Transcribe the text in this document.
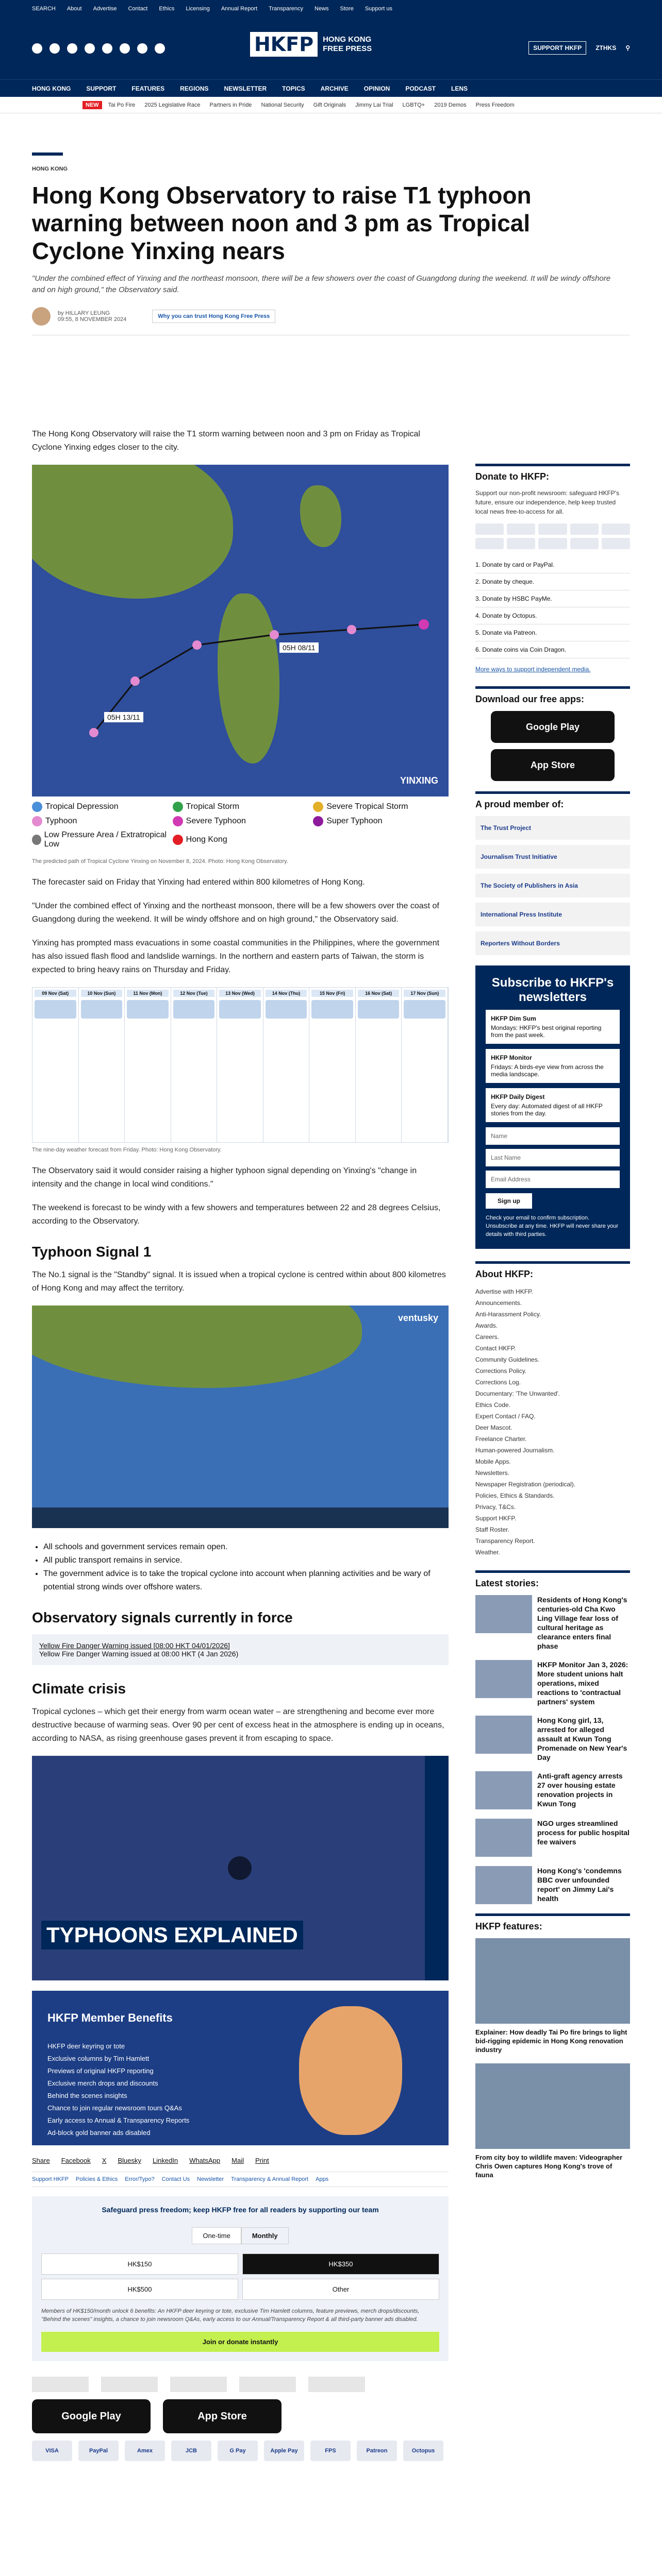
SEARCH About Advertise Contact Ethics Licensing Annual Report Transparency News Store Support us
HKFP	HONG KONG
FREE PRESS	SUPPORT HKFP	ZTHKS ⚲
HONG KONG	SUPPORT	FEATURES	REGIONS	NEWSLETTER	TOPICS	ARCHIVE	OPINION	PODCAST	LENS
NEW	Tai Po Fire 2025 Legislative Race Partners in Pride National Security Gift Originals Jimmy Lai Trial LGBTQ+ 2019 Demos Press Freedom
HONG KONG
Hong Kong Observatory to raise T1 typhoon warning between noon and 3 pm as Tropical Cyclone Yinxing nears
"Under the combined effect of Yinxing and the northeast monsoon, there will be a few showers over the coast of Guangdong during the weekend. It will be windy offshore and on high ground," the Observatory said.
by HILLARY LEUNG
09:55, 8 NOVEMBER 2024	Why you can trust Hong Kong Free Press

The Hong Kong Observatory will raise the T1 storm warning between noon and 3 pm on Friday as Tropical Cyclone Yinxing edges closer to the city.

05H 08/11
05H 13/11
YINXING
Tropical Depression	Tropical Storm	Severe Tropical Storm
Typhoon	Severe Typhoon	Super Typhoon
Low Pressure Area / Extratropical Low
Hong Kong
The predicted path of Tropical Cyclone Yinxing on November 8, 2024. Photo: Hong Kong Observatory.

The forecaster said on Friday that Yinxing had entered within 800 kilometres of Hong Kong.

"Under the combined effect of Yinxing and the northeast monsoon, there will be a few showers over the coast of Guangdong during the weekend. It will be windy offshore and on high ground," the Observatory said.

Yinxing has prompted mass evacuations in some coastal communities in the Philippines, where the government has also issued flash flood and landslide warnings. In the northern and eastern parts of Taiwan, the storm is expected to bring heavy rains on Thursday and Friday.

09 Nov (Sat)	10 Nov (Sun)	11 Nov (Mon)	12 Nov (Tue)	13 Nov (Wed)	14 Nov (Thu)	15 Nov (Fri)	16 Nov (Sat)	17 Nov (Sun)
The nine-day weather forecast from Friday. Photo: Hong Kong Observatory.

The Observatory said it would consider raising a higher typhoon signal depending on Yinxing's "change in intensity and the change in local wind conditions."

The weekend is forecast to be windy with a few showers and temperatures between 22 and 28 degrees Celsius, according to the Observatory.

Typhoon Signal 1

The No.1 signal is the "Standby" signal. It is issued when a tropical cyclone is centred within about 800 kilometres of Hong Kong and may affect the territory.

ventusky
• All schools and government services remain open.
• All public transport remains in service.
• The government advice is to take the tropical cyclone into account when planning activities and be wary of potential strong winds over offshore waters.
Observatory signals currently in force
Yellow Fire Danger Warning issued [08:00 HKT 04/01/2026]
Yellow Fire Danger Warning issued at 08:00 HKT (4 Jan 2026)
Climate crisis

Tropical cyclones – which get their energy from warm ocean water – are strengthening and become ever more destructive because of warming seas. Over 90 per cent of excess heat in the atmosphere is ending up in oceans, according to NASA, as rising greenhouse gases prevent it from escaping to space.

TYPHOONS EXPLAINED
HKFP Member Benefits
HKFP deer keyring or tote
Exclusive columns by Tim Hamlett
Previews of original HKFP reporting
Exclusive merch drops and discounts
Behind the scenes insights
Chance to join regular newsroom tours Q&As
Early access to Annual & Transparency Reports
Ad-block gold banner ads disabled
Share Facebook X Bluesky LinkedIn WhatsApp Mail Print
Support HKFP Policies & Ethics Error/Typo? Contact Us Newsletter Transparency & Annual Report Apps
Safeguard press freedom; keep HKFP free for all readers by supporting our team
One-time	Monthly
HK$150	HK$350
HK$500	Other
Members of HK$150/month unlock 6 benefits: An HKFP deer keyring or tote, exclusive Tim Hamlett columns, feature previews, merch drops/discounts, "Behind the scenes" insights, a chance to join newsroom Q&As, early access to our Annual/Transparency Report & all third-party banner ads disabled.
Join or donate instantly
Google Play	App Store
VISA	PayPal	Amex	JCB	G Pay	Apple Pay	FPS	Patreon	Octopus
Donate to HKFP:
Support our non-profit newsroom: safeguard HKFP's future, ensure our independence, help keep trusted local news free-to-access for all.
1. Donate by card or PayPal.
2. Donate by cheque.
3. Donate by HSBC PayMe.
4. Donate by Octopus.
5. Donate via Patreon.
6. Donate coins via Coin Dragon.
More ways to support independent media.
Download our free apps:
Google Play
App Store
A proud member of:
The Trust Project
Journalism Trust Initiative
The Society of Publishers in Asia
International Press Institute
Reporters Without Borders
Subscribe to HKFP's newsletters
HKFP Dim Sum
Mondays: HKFP's best original reporting from the past week.
HKFP Monitor
Fridays: A birds-eye view from across the media landscape.
HKFP Daily Digest
Every day: Automated digest of all HKFP stories from the day.
Name
Last Name
Email Address
Sign up
Check your email to confirm subscription. Unsubscribe at any time. HKFP will never share your details with third parties.
About HKFP:
Advertise with HKFP.
Announcements.
Anti-Harassment Policy.
Awards.
Careers.
Contact HKFP.
Community Guidelines.
Corrections Policy.
Corrections Log.
Documentary: 'The Unwanted'.
Ethics Code.
Expert Contact / FAQ.
Deer Mascot.
Freelance Charter.
Human-powered Journalism.
Mobile Apps.
Newsletters.
Newspaper Registration (periodical).
Policies, Ethics & Standards.
Privacy, T&Cs.
Support HKFP.
Staff Roster.
Transparency Report.
Weather.
Latest stories:
Residents of Hong Kong's centuries-old Cha Kwo Ling Village fear loss of cultural heritage as clearance enters final phase
HKFP Monitor Jan 3, 2026: More student unions halt operations, mixed reactions to 'contractual partners' system
Hong Kong girl, 13, arrested for alleged assault at Kwun Tong Promenade on New Year's Day
Anti-graft agency arrests 27 over housing estate renovation projects in Kwun Tong
NGO urges streamlined process for public hospital fee waivers
Hong Kong's 'condemns BBC over unfounded report' on Jimmy Lai's health
HKFP features:
Explainer: How deadly Tai Po fire brings to light bid-rigging epidemic in Hong Kong renovation industry
From city boy to wildlife maven: Videographer Chris Owen captures Hong Kong's trove of fauna
